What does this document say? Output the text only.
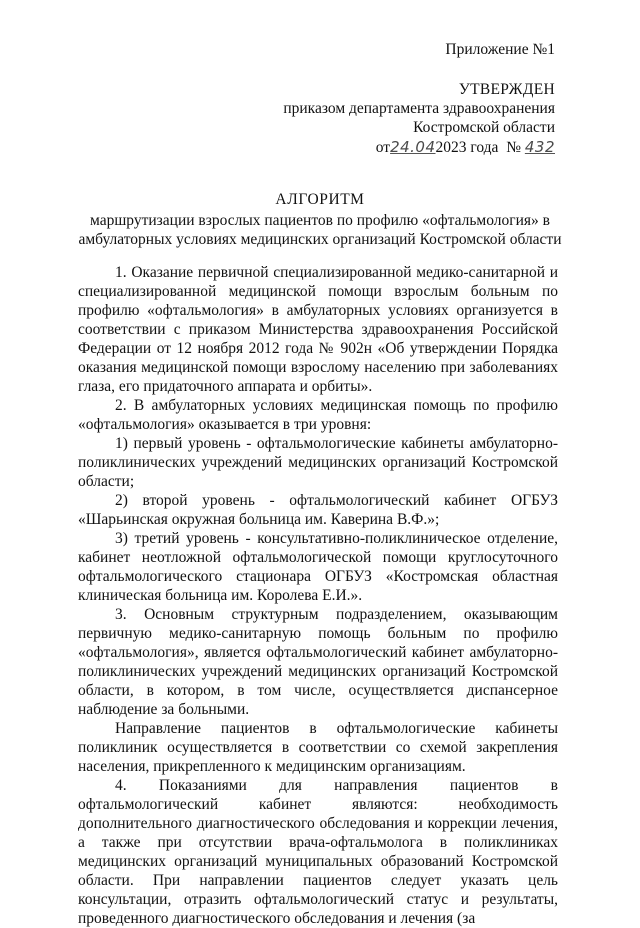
Приложение №1
УТВЕРЖДЕН
приказом департамента здравоохранения
Костромской области
от24.042023 года № 432
АЛГОРИТМ
маршрутизации взрослых пациентов по профилю «офтальмология» в
амбулаторных условиях медицинских организаций Костромской области

1. Оказание первичной специализированной медико-санитарной и специализированной медицинской помощи взрослым больным по профилю «офтальмология» в амбулаторных условиях организуется в соответствии с приказом Министерства здравоохранения Российской Федерации от 12 ноября 2012 года № 902н «Об утверждении Порядка оказания медицинской помощи взрослому населению при заболеваниях глаза, его придаточного аппарата и орбиты».

2. В амбулаторных условиях медицинская помощь по профилю «офтальмология» оказывается в три уровня:

1) первый уровень - офтальмологические кабинеты амбулаторно-поликлинических учреждений медицинских организаций Костромской области;

2) второй уровень - офтальмологический кабинет ОГБУЗ «Шарьинская окружная больница им. Каверина В.Ф.»;

3) третий уровень - консультативно-поликлиническое отделение, кабинет неотложной офтальмологической помощи круглосуточного офтальмологического стационара ОГБУЗ «Костромская областная клиническая больница им. Королева Е.И.».

3. Основным структурным подразделением, оказывающим первичную медико-санитарную помощь больным по профилю «офтальмология», является офтальмологический кабинет амбулаторно-поликлинических учреждений медицинских организаций Костромской области, в котором, в том числе, осуществляется диспансерное наблюдение за больными.

Направление пациентов в офтальмологические кабинеты поликлиник осуществляется в соответствии со схемой закрепления населения, прикрепленного к медицинским организациям.

4. Показаниями для направления пациентов в офтальмологический кабинет являются: необходимость дополнительного диагностического обследования и коррекции лечения, а также при отсутствии врача-офтальмолога в поликлиниках медицинских организаций муниципальных образований Костромской области. При направлении пациентов следует указать цель консультации, отразить офтальмологический статус и результаты, проведенного диагностического обследования и лечения (за
